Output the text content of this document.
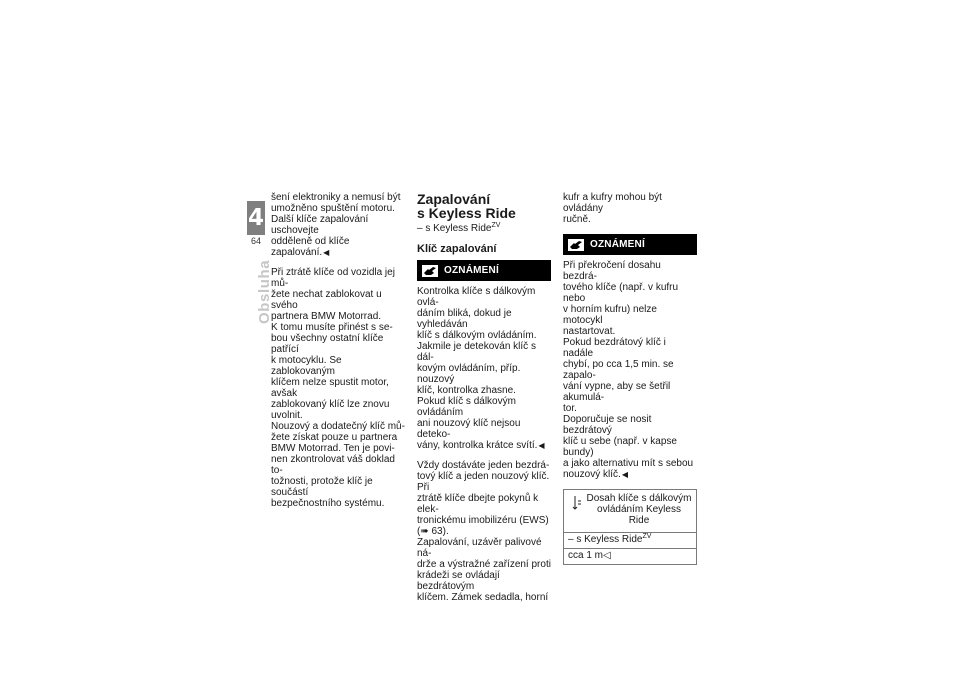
4
64
Obsluha

šení elektroniky a nemusí být
umožněno spuštění motoru.
Další klíče zapalování uschovejte
odděleně od klíče zapalování.◀

Při ztrátě klíče od vozidla jej mů-
žete nechat zablokovat u svého
partnera BMW Motorrad.
K tomu musíte přinést s se-
bou všechny ostatní klíče patřící
k motocyklu. Se zablokovaným
klíčem nelze spustit motor, avšak
zablokovaný klíč lze znovu uvolnit.
Nouzový a dodatečný klíč mů-
žete získat pouze u partnera
BMW Motorrad. Ten je povi-
nen zkontrolovat váš doklad to-
tožnosti, protože klíč je součástí
bezpečnostního systému.

Zapalování
s Keyless Ride
– s Keyless Ride$^{ZV}$
Klíč zapalování
OZNÁMENÍ

Kontrolka klíče s dálkovým ovlá-
dáním bliká, dokud je vyhledáván
klíč s dálkovým ovládáním.
Jakmile je detekován klíč s dál-
kovým ovládáním, příp. nouzový
klíč, kontrolka zhasne.
Pokud klíč s dálkovým ovládáním
ani nouzový klíč nejsou deteko-
vány, kontrolka krátce svítí.◀

Vždy dostáváte jeden bezdrá-
tový klíč a jeden nouzový klíč. Při
ztrátě klíče dbejte pokynů k elek-
tronickému imobilizéru (EWS)
(➠ 63).
Zapalování, uzávěr palivové ná-
drže a výstražné zařízení proti
krádeži se ovládají bezdrátovým
klíčem. Zámek sedadla, horní

kufr a kufry mohou být ovládány
ručně.

OZNÁMENÍ

Při překročení dosahu bezdrá-
tového klíče (např. v kufru nebo
v horním kufru) nelze motocykl
nastartovat.
Pokud bezdrátový klíč i nadále
chybí, po cca 1,5 min. se zapalo-
vání vypne, aby se šetřil akumulá-
tor.
Doporučuje se nosit bezdrátový
klíč u sebe (např. v kapse bundy)
a jako alternativu mít s sebou
nouzový klíč.◀

Dosah klíče s dálkovým
ovládáním Keyless Ride
– s Keyless Ride$^{ZV}$
cca 1 m◁
